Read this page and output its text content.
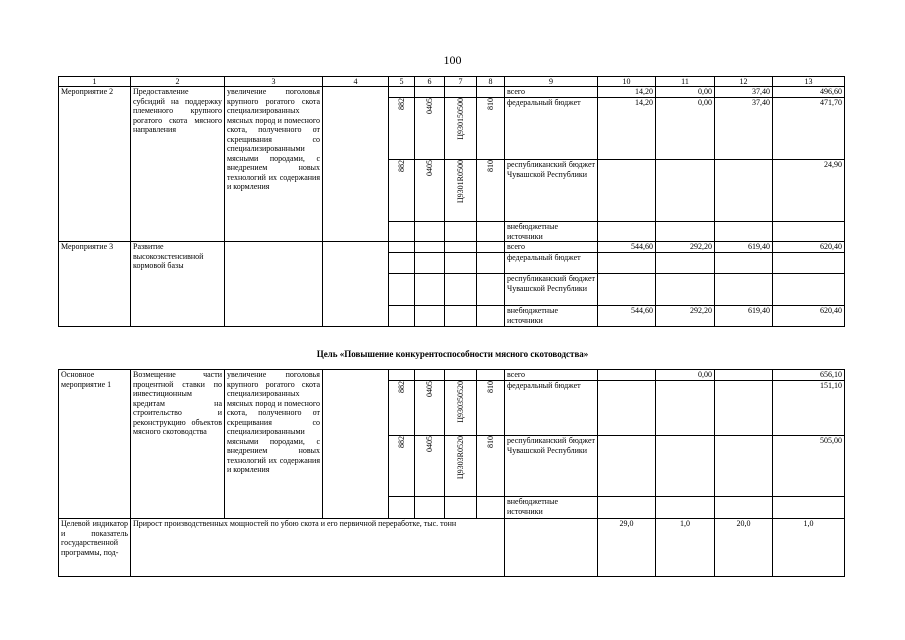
100
1	2	3	4	5	6	7	8	9	10	11	12	13
Мероприятие 2	Предоставление субсидий на поддержку племенного крупного рогатого скота мясного направления	увеличение поголовья крупного рогатого скота специализированных мясных пород и помесного скота, полученного от скрещивания со специализированными мясными породами, с внедрением новых технологий их содержания и кормления						всего	14,20	0,00	37,40	496,60
				882	0405	Ц930150500	810	федеральный бюджет	14,20	0,00	37,40	471,70
				882	0405	Ц9301R0500	810	республиканский бюджет Чувашской Республики				24,90
								внебюджетные источники				
Мероприятие 3	Развитие высокоэкстенсивной кормовой базы							всего	544,60	292,20	619,40	620,40
								федеральный бюджет				
								республиканский бюджет Чувашской Республики				
								внебюджетные источники	544,60	292,20	619,40	620,40
Цель «Повышение конкурентоспособности мясного скотоводства»
Основное мероприятие 1	Возмещение части процентной ставки по инвестиционным кредитам на строительство и реконструкцию объектов мясного скотоводства	увеличение поголовья крупного рогатого скота специализированных мясных пород и помесного скота, полученного от скрещивания со специализированными мясными породами, с внедрением новых технологий их содержания и кормления						всего		0,00		656,10
				882	0405	Ц930350520	810	федеральный бюджет				151,10
				882	0405	Ц9303R0520	810	республиканский бюджет Чувашской Республики				505,00
								внебюджетные источники				
Целевой индикатор и показатель государственной программы, под-	Прирост производственных мощностей по убою скота и его первичной переработке, тыс. тонн								29,0	1,0	20,0	1,0
